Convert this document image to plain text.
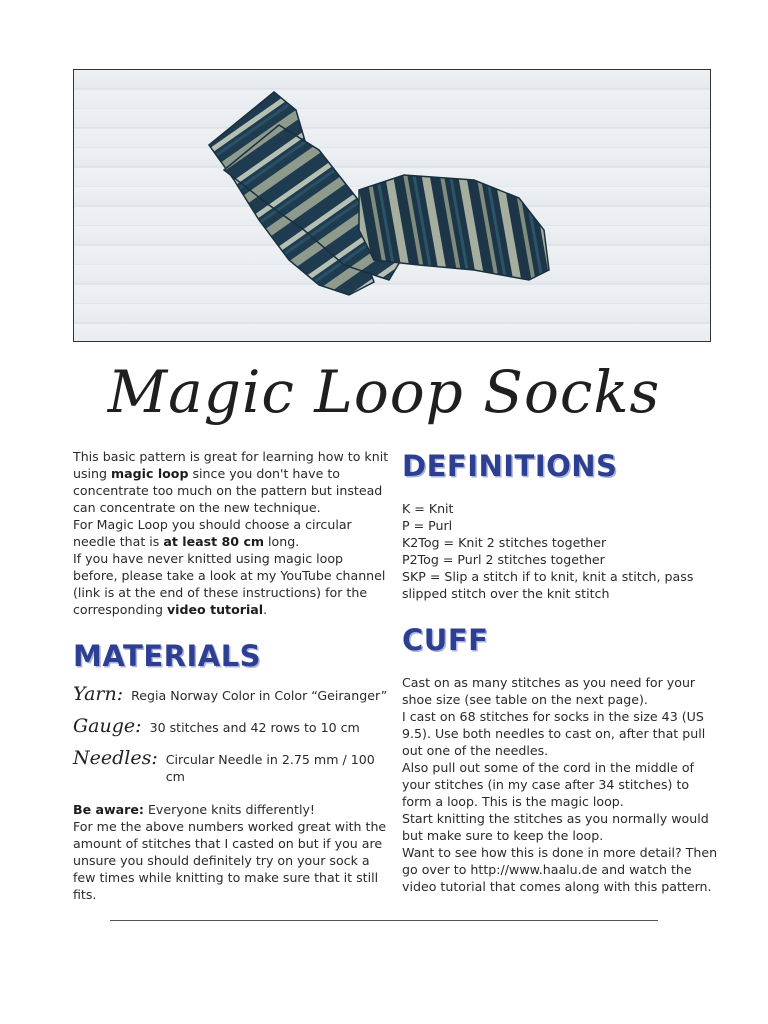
Magic Loop Socks

This basic pattern is great for learning how to knit using magic loop since you don't have to concentrate too much on the pattern but instead can concentrate on the new technique.

For Magic Loop you should choose a circular needle that is at least 80 cm long.

If you have never knitted using magic loop before, please take a look at my YouTube channel (link is at the end of these instructions) for the corresponding video tutorial.

MATERIALS
Yarn: Regia Norway Color in Color “Geiranger”
Gauge: 30 stitches and 42 rows to 10 cm
Needles: Circular Needle in 2.75 mm / 100 cm

Be aware: Everyone knits differently!

For me the above numbers worked great with the amount of stitches that I casted on but if you are unsure you should definitely try on your sock a few times while knitting to make sure that it still fits.

DEFINITIONS

K = Knit

P = Purl

K2Tog = Knit 2 stitches together

P2Tog = Purl 2 stitches together

SKP = Slip a stitch if to knit, knit a stitch, pass slipped stitch over the knit stitch

CUFF

Cast on as many stitches as you need for your shoe size (see table on the next page).

I cast on 68 stitches for socks in the size 43 (US 9.5). Use both needles to cast on, after that pull out one of the needles.

Also pull out some of the cord in the middle of your stitches (in my case after 34 stitches) to form a loop. This is the magic loop.

Start knitting the stitches as you normally would but make sure to keep the loop.

Want to see how this is done in more detail? Then go over to http://www.haalu.de and watch the video tutorial that comes along with this pattern.
